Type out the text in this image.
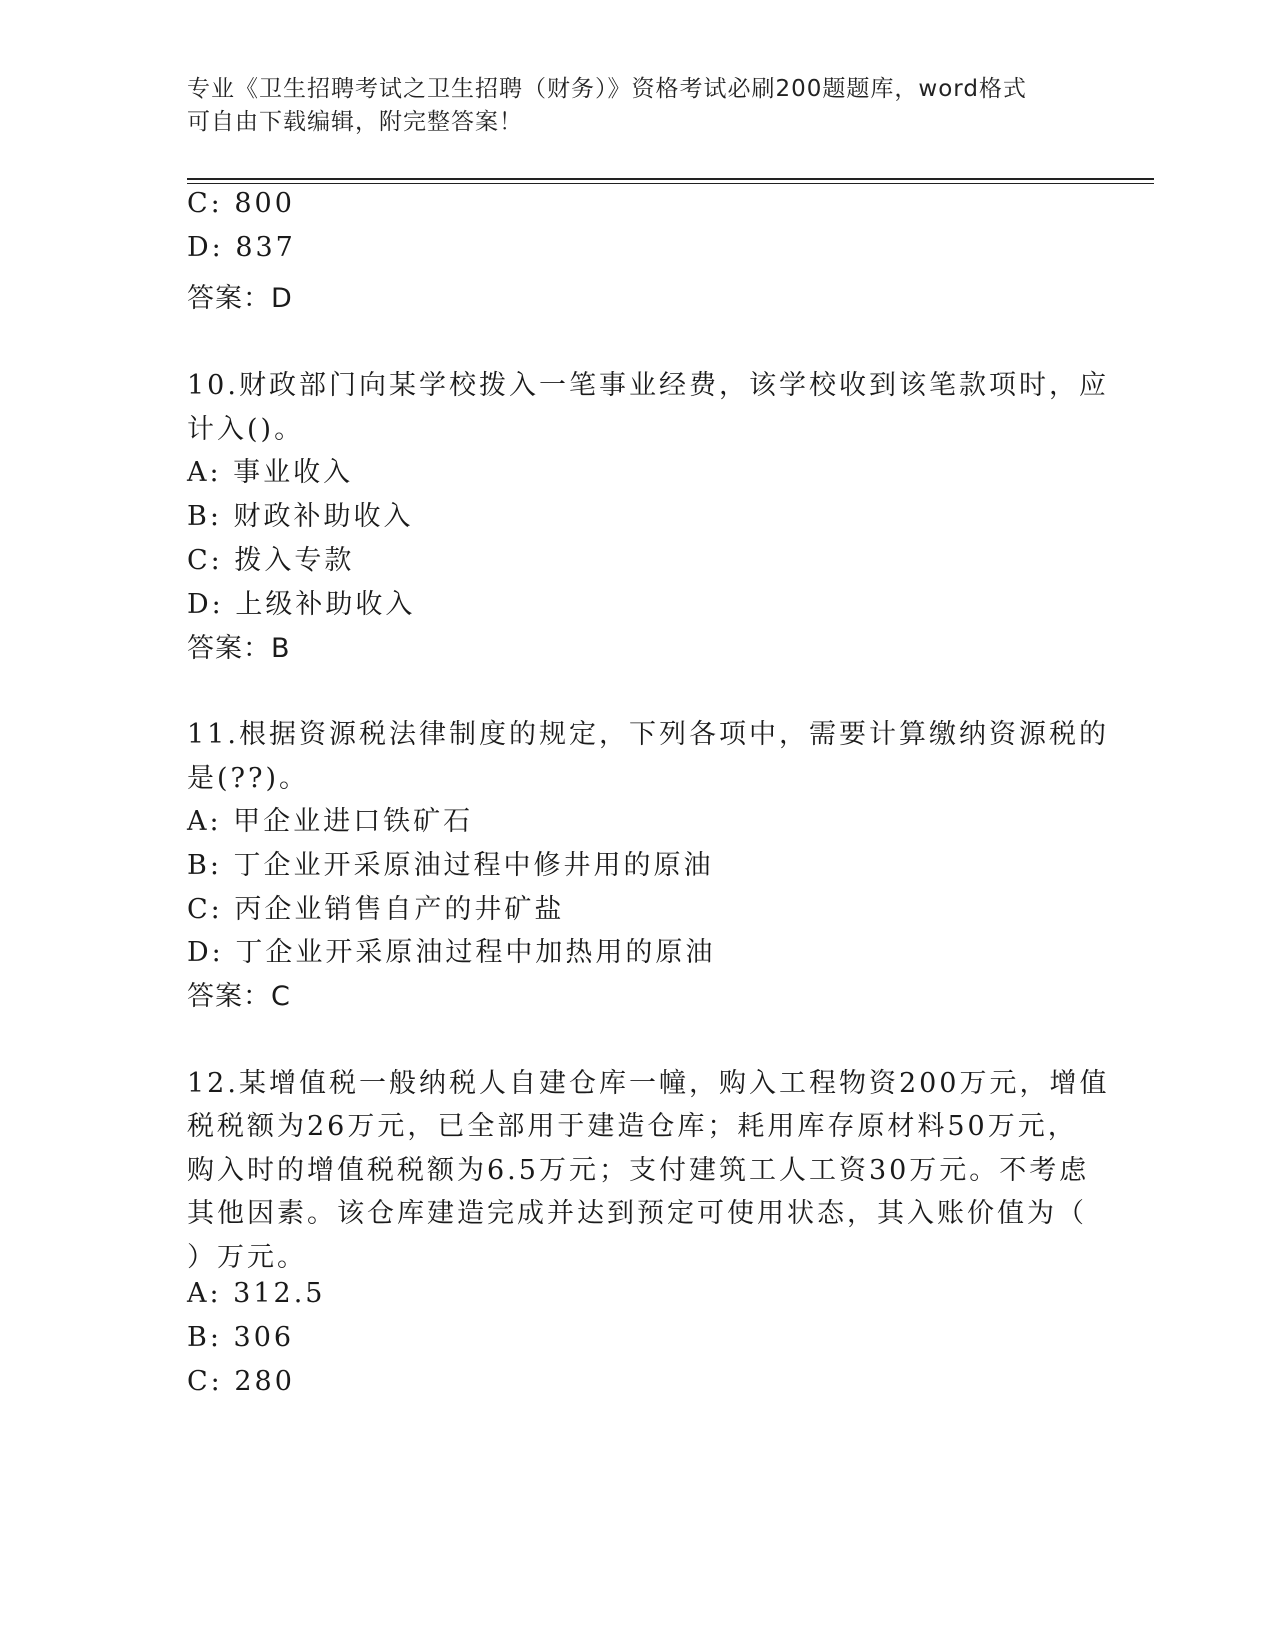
专业《卫生招聘考试之卫生招聘（财务）》资格考试必刷200题题库，word格式
可自由下载编辑，附完整答案！
C: 800
D: 837
答案：D
10.财政部门向某学校拨入一笔事业经费，该学校收到该笔款项时，应
计入()。
A: 事业收入
B: 财政补助收入
C: 拨入专款
D: 上级补助收入
答案：B
11.根据资源税法律制度的规定，下列各项中，需要计算缴纳资源税的
是(??)。
A: 甲企业进口铁矿石
B: 丁企业开采原油过程中修井用的原油
C: 丙企业销售自产的井矿盐
D: 丁企业开采原油过程中加热用的原油
答案：C
12.某增值税一般纳税人自建仓库一幢，购入工程物资200万元，增值
税税额为26万元，已全部用于建造仓库；耗用库存原材料50万元，
购入时的增值税税额为6.5万元；支付建筑工人工资30万元。不考虑
其他因素。该仓库建造完成并达到预定可使用状态，其入账价值为（
）万元。
A: 312.5
B: 306
C: 280
